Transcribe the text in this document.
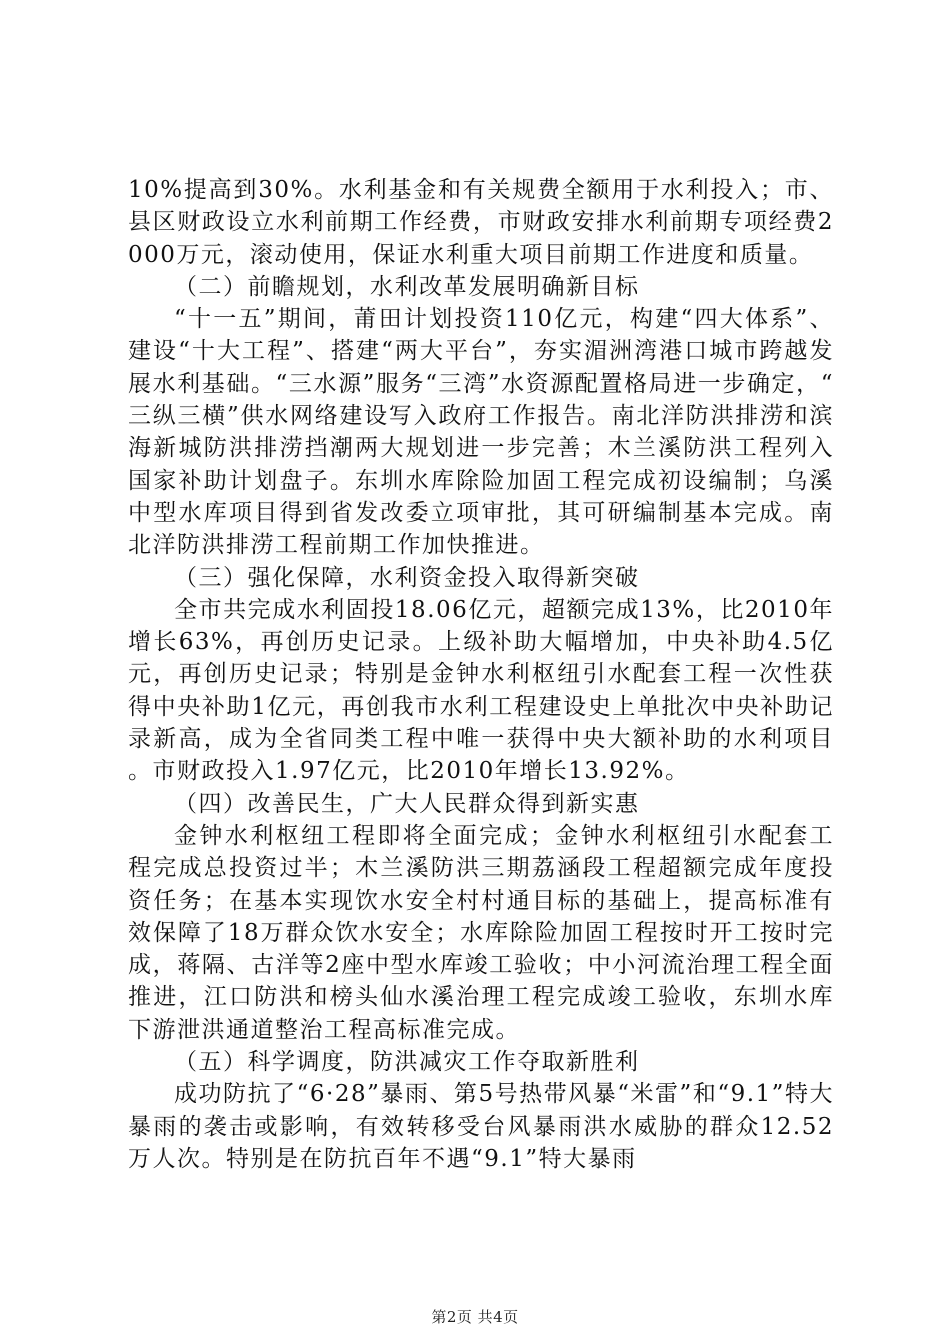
10%提高到30%。水利基金和有关规费全额用于水利投入；市、县区财政设立水利前期工作经费，市财政安排水利前期专项经费2000万元，滚动使用，保证水利重大项目前期工作进度和质量。

（二）前瞻规划，水利改革发展明确新目标

“十一五”期间，莆田计划投资110亿元，构建“四大体系”、建设“十大工程”、搭建“两大平台”，夯实湄洲湾港口城市跨越发展水利基础。“三水源”服务“三湾”水资源配置格局进一步确定，“三纵三横”供水网络建设写入政府工作报告。南北洋防洪排涝和滨海新城防洪排涝挡潮两大规划进一步完善；木兰溪防洪工程列入国家补助计划盘子。东圳水库除险加固工程完成初设编制；乌溪中型水库项目得到省发改委立项审批，其可研编制基本完成。南北洋防洪排涝工程前期工作加快推进。

（三）强化保障，水利资金投入取得新突破

全市共完成水利固投18.06亿元，超额完成13%，比2010年增长63%，再创历史记录。上级补助大幅增加，中央补助4.5亿元，再创历史记录；特别是金钟水利枢纽引水配套工程一次性获得中央补助1亿元，再创我市水利工程建设史上单批次中央补助记录新高，成为全省同类工程中唯一获得中央大额补助的水利项目。市财政投入1.97亿元，比2010年增长13.92%。

（四）改善民生，广大人民群众得到新实惠

金钟水利枢纽工程即将全面完成；金钟水利枢纽引水配套工程完成总投资过半；木兰溪防洪三期荔涵段工程超额完成年度投资任务；在基本实现饮水安全村村通目标的基础上，提高标准有效保障了18万群众饮水安全；水库除险加固工程按时开工按时完成，蒋隔、古洋等2座中型水库竣工验收；中小河流治理工程全面推进，江口防洪和榜头仙水溪治理工程完成竣工验收，东圳水库下游泄洪通道整治工程高标准完成。

（五）科学调度，防洪减灾工作夺取新胜利

成功防抗了“6·28”暴雨、第5号热带风暴“米雷”和“9.1”特大暴雨的袭击或影响，有效转移受台风暴雨洪水威胁的群众12.52万人次。特别是在防抗百年不遇“9.1”特大暴雨

第2页 共4页
